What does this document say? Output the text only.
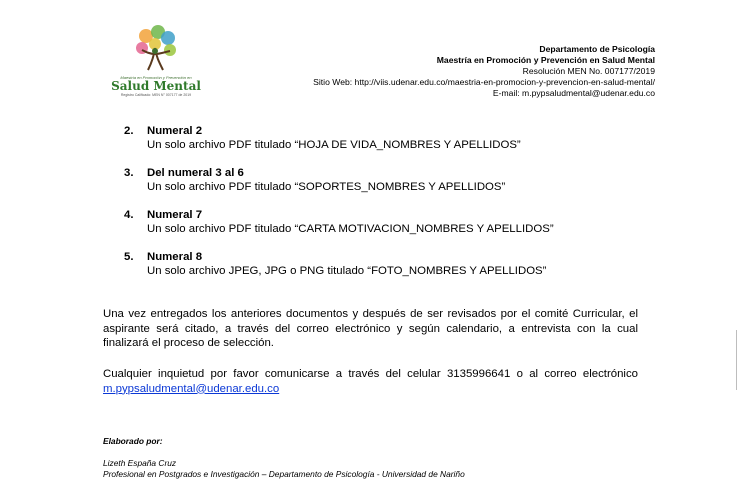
Maestría en Promoción y Prevención en
Salud Mental
Registro Calificado: MEN N° 007177 de 2019
Departamento de Psicología
Maestría en Promoción y Prevención en Salud Mental
Resolución MEN No. 007177/2019
Sitio Web: http://viis.udenar.edu.co/maestria-en-promocion-y-prevencion-en-salud-mental/
E-mail: m.pypsaludmental@udenar.edu.co
2.	Numeral 2
Un solo archivo PDF titulado “HOJA DE VIDA_NOMBRES Y APELLIDOS”
3.	Del numeral 3 al 6
Un solo archivo PDF titulado “SOPORTES_NOMBRES Y APELLIDOS”
4.	Numeral 7
Un solo archivo PDF titulado “CARTA MOTIVACION_NOMBRES Y APELLIDOS”
5.	Numeral 8
Un solo archivo JPEG, JPG o PNG titulado “FOTO_NOMBRES Y APELLIDOS”
Una vez entregados los anteriores documentos y después de ser revisados por el comité Curricular, el aspirante será citado, a través del correo electrónico y según calendario, a entrevista con la cual finalizará el proceso de selección.
Cualquier inquietud por favor comunicarse a través del celular 3135996641 o al correo electrónico m.pypsaludmental@udenar.edu.co
Elaborado por:
Lizeth España Cruz
Profesional en Postgrados e Investigación – Departamento de Psicología - Universidad de Nariño
